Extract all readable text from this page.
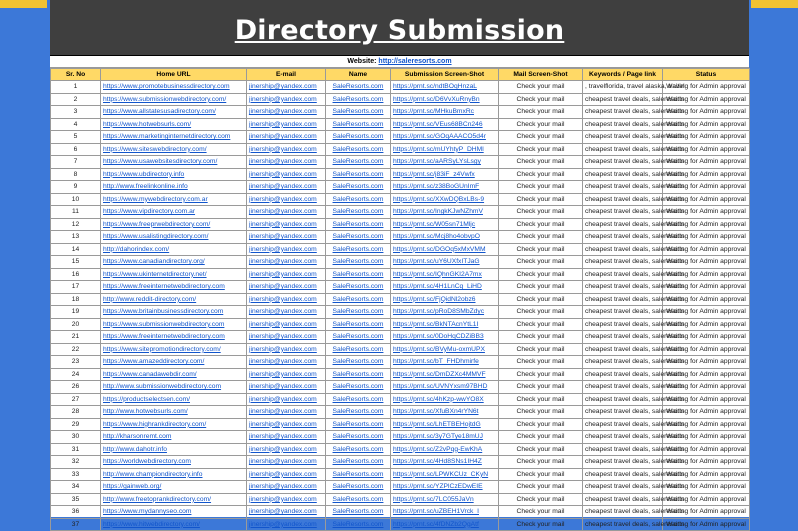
Directory Submission
Website: http://saleresorts.com
Sr. No	Home URL	E-mail	Name	Submission Screen-Shot	Mail Screen-Shot	Keywords / Page link	Status
1	https://www.promotebusinessdirectory.com	jinership@yandex.com	SaleResorts.com	https://prnt.sc/ndtBOqHnzaL	Check your mail	, travelflorida, travel alaska, travel	Waiting for Admin approval
2	https://www.submissionwebdirectory.com/	jinership@yandex.com	SaleResorts.com	https://prnt.sc/D6VvXuRnyBn	Check your mail	cheapest travel deals, saleresorts	Waiting for Admin approval
3	https://www.allstatesusadirectory.com/	jinership@yandex.com	SaleResorts.com	https://prnt.sc/MHkuBmxRc	Check your mail	cheapest travel deals, saleresorts	Waiting for Admin approval
4	https://www.hotwebsurls.com/	jinership@yandex.com	SaleResorts.com	https://prnt.sc/VEus68BCn246	Check your mail	cheapest travel deals, saleresorts	Waiting for Admin approval
5	https://www.marketinginternetdirectory.com	jinership@yandex.com	SaleResorts.com	https://prnt.sc/GOqAAACO5d4r	Check your mail	cheapest travel deals, saleresorts	Waiting for Admin approval
6	https://www.siteswebdirectory.com/	jinership@yandex.com	SaleResorts.com	https://prnt.sc/mUYhtyP_DHMl	Check your mail	cheapest travel deals, saleresorts	Waiting for Admin approval
7	https://www.usawebsitesdirectory.com/	jinership@yandex.com	SaleResorts.com	https://prnt.sc/aARSyLYsLsgy	Check your mail	cheapest travel deals, saleresorts	Waiting for Admin approval
8	https://www.ubdirectory.info	jinership@yandex.com	SaleResorts.com	https://prnt.sc/j83iF_z4Vwfx	Check your mail	cheapest travel deals, saleresorts	Waiting for Admin approval
9	http://www.freelinkonline.info	jinership@yandex.com	SaleResorts.com	https://prnt.sc/z38BoGUnImF	Check your mail	cheapest travel deals, saleresorts	Waiting for Admin approval
10	https://www.mywebdirectory.com.ar	jinership@yandex.com	SaleResorts.com	https://prnt.sc/XXwDQBxLBs-9	Check your mail	cheapest travel deals, saleresorts	Waiting for Admin approval
11	https://www.vipdirectory.com.ar	jinership@yandex.com	SaleResorts.com	https://prnt.sc/IngkKJwNZhmV	Check your mail	cheapest travel deals, saleresorts	Waiting for Admin approval
12	https://www.freeprwebdirectory.com/	jinership@yandex.com	SaleResorts.com	https://prnt.sc/W05sn71Mljc	Check your mail	cheapest travel deals, saleresorts	Waiting for Admin approval
13	https://www.usalistingdirectory.com/	jinership@yandex.com	SaleResorts.com	https://prnt.sc/Mcj8ho4obvpO	Check your mail	cheapest travel deals, saleresorts	Waiting for Admin approval
14	http://dahorindex.com/	jinership@yandex.com	SaleResorts.com	https://prnt.sc/DGOq5xMxVMM	Check your mail	cheapest travel deals, saleresorts	Waiting for Admin approval
15	https://www.canadiandirectory.org/	jinership@yandex.com	SaleResorts.com	https://prnt.sc/uY6UXfxITJaG	Check your mail	cheapest travel deals, saleresorts	Waiting for Admin approval
16	https://www.ukinternetdirectory.net/	jinership@yandex.com	SaleResorts.com	https://prnt.sc/IQhnGKI2A7mx	Check your mail	cheapest travel deals, saleresorts	Waiting for Admin approval
17	https://www.freeinternetwebdirectory.com	jinership@yandex.com	SaleResorts.com	https://prnt.sc/4H1LnCq_LiHD	Check your mail	cheapest travel deals, saleresorts	Waiting for Admin approval
18	http://www.reddit-directory.com/	jinership@yandex.com	SaleResorts.com	https://prnt.sc/FjQidNl2obz6	Check your mail	cheapest travel deals, saleresorts	Waiting for Admin approval
19	https://www.britainbusinessdirectory.com	jinership@yandex.com	SaleResorts.com	https://prnt.sc/pRoD8SMbZdyc	Check your mail	cheapest travel deals, saleresorts	Waiting for Admin approval
20	https://www.submissionwebdirectory.com	jinership@yandex.com	SaleResorts.com	https://prnt.sc/BkNTAcnYtL1I	Check your mail	cheapest travel deals, saleresorts	Waiting for Admin approval
21	https://www.freeinternetwebdirectory.com	jinership@yandex.com	SaleResorts.com	https://prnt.sc/0DoHqCDZiBB3	Check your mail	cheapest travel deals, saleresorts	Waiting for Admin approval
22	https://www.sitepromotiondirectory.com/	jinership@yandex.com	SaleResorts.com	https://prnt.sc/BVyMu-oxmUPX	Check your mail	cheapest travel deals, saleresorts	Waiting for Admin approval
23	https://www.amazeddirectory.com/	jinership@yandex.com	SaleResorts.com	https://prnt.sc/bT_FHDhmirfe	Check your mail	cheapest travel deals, saleresorts	Waiting for Admin approval
24	https://www.canadawebdir.com/	jinership@yandex.com	SaleResorts.com	https://prnt.sc/DmDZXc4MMVF	Check your mail	cheapest travel deals, saleresorts	Waiting for Admin approval
26	http://www.submissionwebdirectory.com	jinership@yandex.com	SaleResorts.com	https://prnt.sc/UVNYxsm97BHD	Check your mail	cheapest travel deals, saleresorts	Waiting for Admin approval
27	https://productselectsen.com/	jinership@yandex.com	SaleResorts.com	https://prnt.sc/4hKzp-wwYO8X	Check your mail	cheapest travel deals, saleresorts	Waiting for Admin approval
28	http://www.hotwebsurls.com/	jinership@yandex.com	SaleResorts.com	https://prnt.sc/XfuBXn4rYN6t	Check your mail	cheapest travel deals, saleresorts	Waiting for Admin approval
29	https://www.highrankdirectory.com/	jinership@yandex.com	SaleResorts.com	https://prnt.sc/LhETBEHojtdG	Check your mail	cheapest travel deals, saleresorts	Waiting for Admin approval
30	http://kharsonremt.com	jinership@yandex.com	SaleResorts.com	https://prnt.sc/3y7GTye18mUJ	Check your mail	cheapest travel deals, saleresorts	Waiting for Admin approval
31	http://www.dahotr.info	jinership@yandex.com	SaleResorts.com	https://prnt.sc/Z2vPqg-EwKhA	Check your mail	cheapest travel deals, saleresorts	Waiting for Admin approval
32	https://worldwebdirectory.com	jinership@yandex.com	SaleResorts.com	https://prnt.sc/4Hd8SNs1IH4Z	Check your mail	cheapest travel deals, saleresorts	Waiting for Admin approval
33	http://www.championdirectory.info	jinership@yandex.com	SaleResorts.com	https://prnt.sc/LPWKCUz_CKyN	Check your mail	cheapest travel deals, saleresorts	Waiting for Admin approval
34	https://gainweb.org/	jinership@yandex.com	SaleResorts.com	https://prnt.sc/YZPlCzEDwEIE	Check your mail	cheapest travel deals, saleresorts	Waiting for Admin approval
35	http://www.freetoprankdirectory.com/	jinership@yandex.com	SaleResorts.com	https://prnt.sc/7LC055JaVn	Check your mail	cheapest travel deals, saleresorts	Waiting for Admin approval
36	https://www.mydannyseo.com	jinership@yandex.com	SaleResorts.com	https://prnt.sc/uZBEH1Vrck_I	Check your mail	cheapest travel deals, saleresorts	Waiting for Admin approval
37	https://www.hitwebdirectory.com/	jinership@yandex.com	SaleResorts.com	https://prnt.sc/4fDNZb2QgAtf	Check your mail	cheapest travel deals, saleresorts	Waiting for Admin approval
